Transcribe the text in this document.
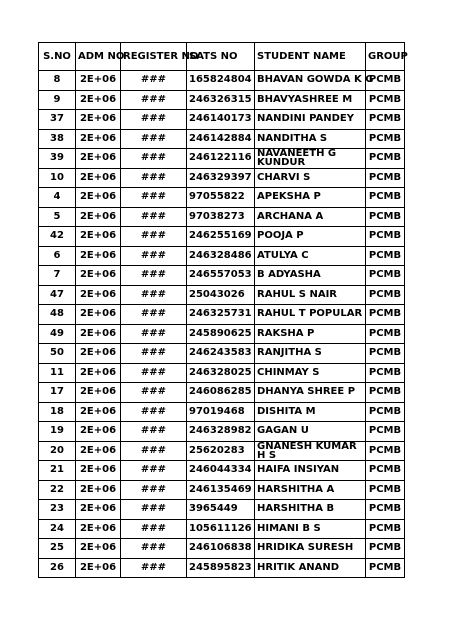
S.NO	ADM NO	REGISTER NO	SATS NO	STUDENT NAME	GROUP
8	2E+06	###	165824804	BHAVAN GOWDA K G	PCMB
9	2E+06	###	246326315	BHAVYASHREE M	PCMB
37	2E+06	###	246140173	NANDINI PANDEY	PCMB
38	2E+06	###	246142884	NANDITHA S	PCMB
39	2E+06	###	246122116	NAVANEETH G KUNDUR	PCMB
10	2E+06	###	246329397	CHARVI S	PCMB
4	2E+06	###	97055822	APEKSHA P	PCMB
5	2E+06	###	97038273	ARCHANA A	PCMB
42	2E+06	###	246255169	POOJA P	PCMB
6	2E+06	###	246328486	ATULYA C	PCMB
7	2E+06	###	246557053	B ADYASHA	PCMB
47	2E+06	###	25043026	RAHUL S NAIR	PCMB
48	2E+06	###	246325731	RAHUL T POPULAR	PCMB
49	2E+06	###	245890625	RAKSHA P	PCMB
50	2E+06	###	246243583	RANJITHA S	PCMB
11	2E+06	###	246328025	CHINMAY S	PCMB
17	2E+06	###	246086285	DHANYA SHREE P	PCMB
18	2E+06	###	97019468	DISHITA M	PCMB
19	2E+06	###	246328982	GAGAN U	PCMB
20	2E+06	###	25620283	GNANESH KUMAR H S	PCMB
21	2E+06	###	246044334	HAIFA INSIYAN	PCMB
22	2E+06	###	246135469	HARSHITHA A	PCMB
23	2E+06	###	3965449	HARSHITHA B	PCMB
24	2E+06	###	105611126	HIMANI B S	PCMB
25	2E+06	###	246106838	HRIDIKA SURESH	PCMB
26	2E+06	###	245895823	HRITIK ANAND	PCMB
